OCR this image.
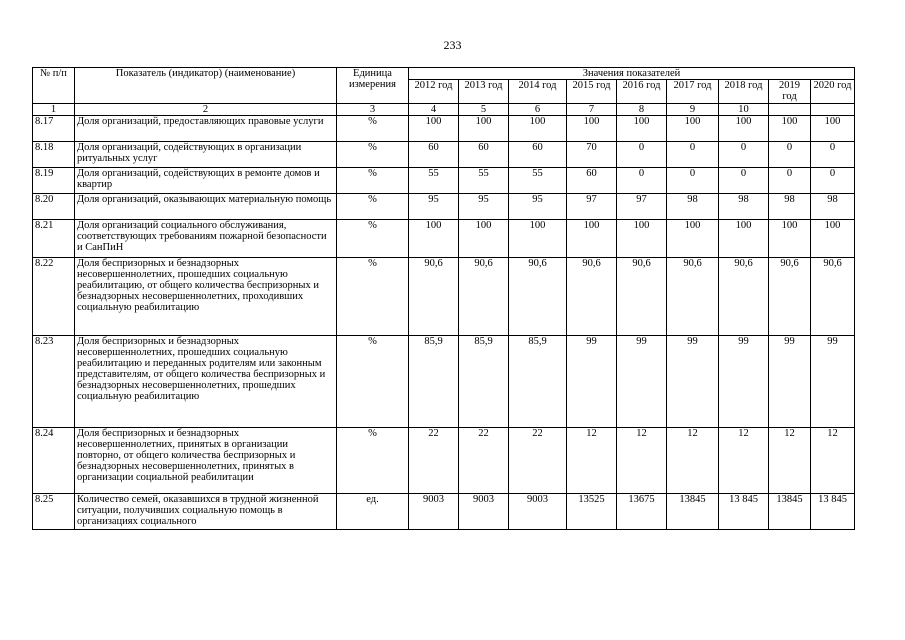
233
№ п/п	Показатель (индикатор) (наименование)	Единица измерения	Значения показателей								
			2012 год	2013 год	2014 год	2015 год	2016 год	2017 год	2018 год	2019 год	2020 год
1	2	3	4	5	6	7	8	9	10		
8.17	Доля организаций, предоставляющих правовые услуги	%	100	100	100	100	100	100	100	100	100
8.18	Доля организаций, содействующих в организации ритуальных услуг	%	60	60	60	70	0	0	0	0	0
8.19	Доля организаций, содействующих в ремонте домов и квартир	%	55	55	55	60	0	0	0	0	0
8.20	Доля организаций, оказывающих материальную помощь	%	95	95	95	97	97	98	98	98	98
8.21	Доля организаций социального обслуживания, соответствующих требованиям пожарной безопасности и СанПиН	%	100	100	100	100	100	100	100	100	100
8.22	Доля беспризорных и безнадзорных несовершеннолетних, прошедших социальную реабилитацию, от общего количества беспризорных и безнадзорных несовершеннолетних, проходивших социальную реабилитацию	%	90,6	90,6	90,6	90,6	90,6	90,6	90,6	90,6	90,6
8.23	Доля беспризорных и безнадзорных несовершеннолетних, прошедших социальную реабилитацию и переданных родителям или законным представителям, от общего количества беспризорных и безнадзорных несовершеннолетних, прошедших социальную реабилитацию	%	85,9	85,9	85,9	99	99	99	99	99	99
8.24	Доля беспризорных и безнадзорных несовершеннолетних, принятых в организации повторно, от общего количества беспризорных и безнадзорных несовершеннолетних, принятых в организации социальной реабилитации	%	22	22	22	12	12	12	12	12	12
8.25	Количество семей, оказавшихся в трудной жизненной ситуации, получивших социальную помощь в организациях социального	ед.	9003	9003	9003	13525	13675	13845	13 845	13845	13 845
